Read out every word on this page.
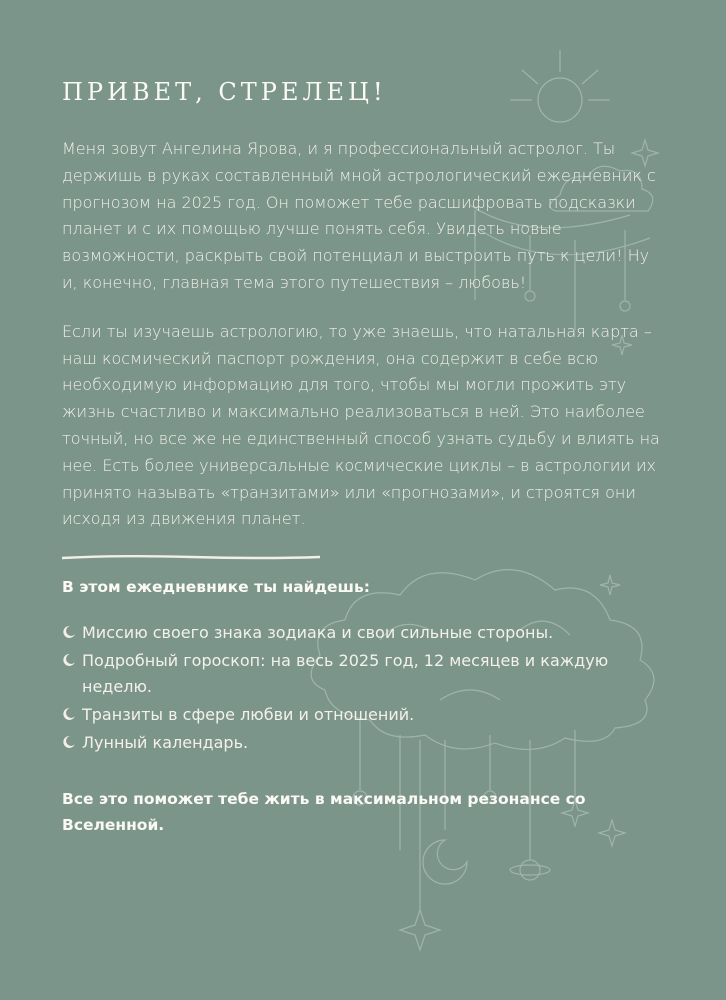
ПРИВЕТ, СТРЕЛЕЦ!

Меня зовут Ангелина Ярова, и я профессиональный астролог. Ты держишь в руках составленный мной астрологический ежедневник с прогнозом на 2025 год. Он поможет тебе расшифровать подсказки планет и с их помощью лучше понять себя. Увидеть новые возможности, раскрыть свой потенциал и выстроить путь к цели! Ну и, конечно, главная тема этого путешествия – любовь!

Если ты изучаешь астрологию, то уже знаешь, что натальная карта – наш космический паспорт рождения, она содержит в себе всю необходимую информацию для того, чтобы мы могли прожить эту жизнь счастливо и максимально реализоваться в ней. Это наиболее точный, но все же не единственный способ узнать судьбу и влиять на нее. Есть более универсальные космические циклы – в астрологии их принято называть «транзитами» или «прогнозами», и строятся они исходя из движения планет.

В этом ежедневнике ты найдешь:
Миссию своего знака зодиака и свои сильные стороны.
Подробный гороскоп: на весь 2025 год, 12 месяцев и каждую неделю.
Транзиты в сфере любви и отношений.
Лунный календарь.

Все это поможет тебе жить в максимальном резонансе со Вселенной.
